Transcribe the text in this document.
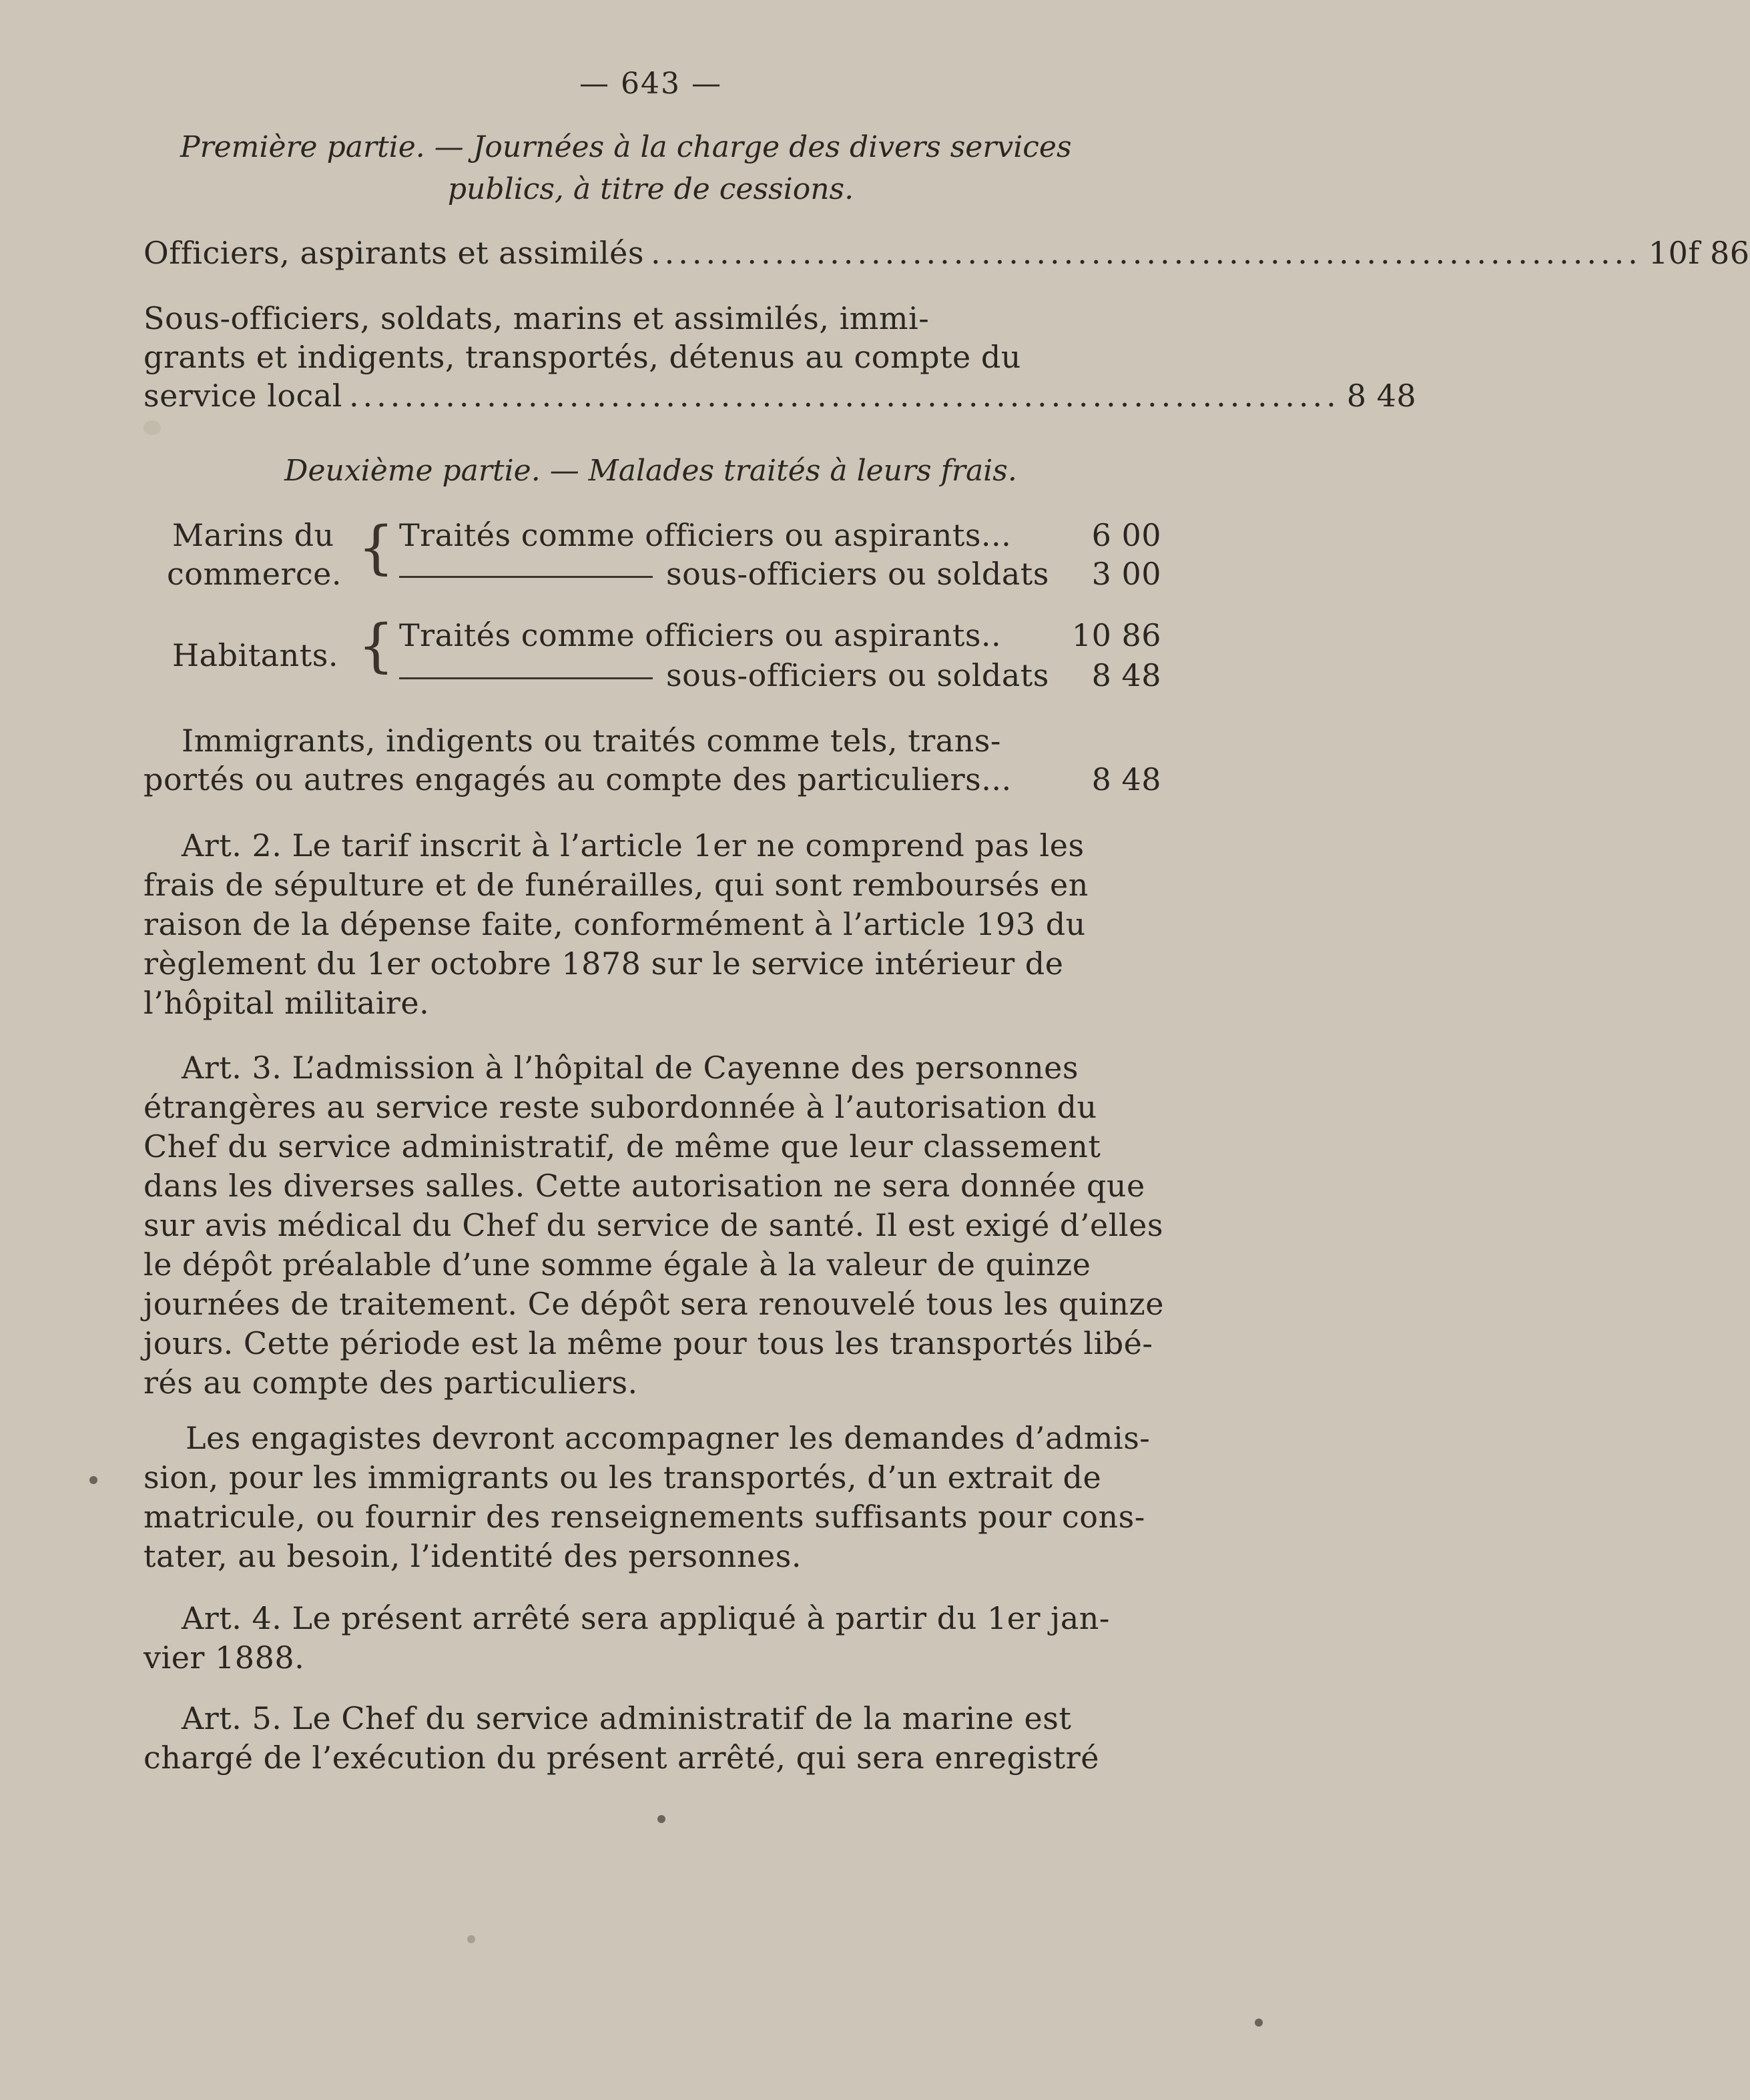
— 643 —
Première partie. — Journées à la charge des divers services
publics, à titre de cessions.
Officiers, aspirants et assimilés ........................................................................ 10f 86
Sous-officiers, soldats, marins et assimilés, immi-
grants et indigents, transportés, détenus au compte du
service local ........................................................................ 8 48
Deuxième partie. — Malades traités à leurs frais.
Marins du
commerce. { Traités comme officiers ou aspirants...	6 00
sous-officiers ou soldats 3 00
Habitants. { Traités comme officiers ou aspirants.. 10 86
sous-officiers ou soldats 8 48
Immigrants, indigents ou traités comme tels, trans-
portés ou autres engagés au compte des particuliers...	8 48
Art. 2. Le tarif inscrit à l’article 1er ne comprend pas les
frais de sépulture et de funérailles, qui sont remboursés en
raison de la dépense faite, conformément à l’article 193 du
règlement du 1er octobre 1878 sur le service intérieur de
l’hôpital militaire.
Art. 3. L’admission à l’hôpital de Cayenne des personnes
étrangères au service reste subordonnée à l’autorisation du
Chef du service administratif, de même que leur classement
dans les diverses salles. Cette autorisation ne sera donnée que
sur avis médical du Chef du service de santé. Il est exigé d’elles
le dépôt préalable d’une somme égale à la valeur de quinze
journées de traitement. Ce dépôt sera renouvelé tous les quinze
jours. Cette période est la même pour tous les transportés libé-
rés au compte des particuliers.
Les engagistes devront accompagner les demandes d’admis-
sion, pour les immigrants ou les transportés, d’un extrait de
matricule, ou fournir des renseignements suffisants pour cons-
tater, au besoin, l’identité des personnes.
Art. 4. Le présent arrêté sera appliqué à partir du 1er jan-
vier 1888.
Art. 5. Le Chef du service administratif de la marine est
chargé de l’exécution du présent arrêté, qui sera enregistré
